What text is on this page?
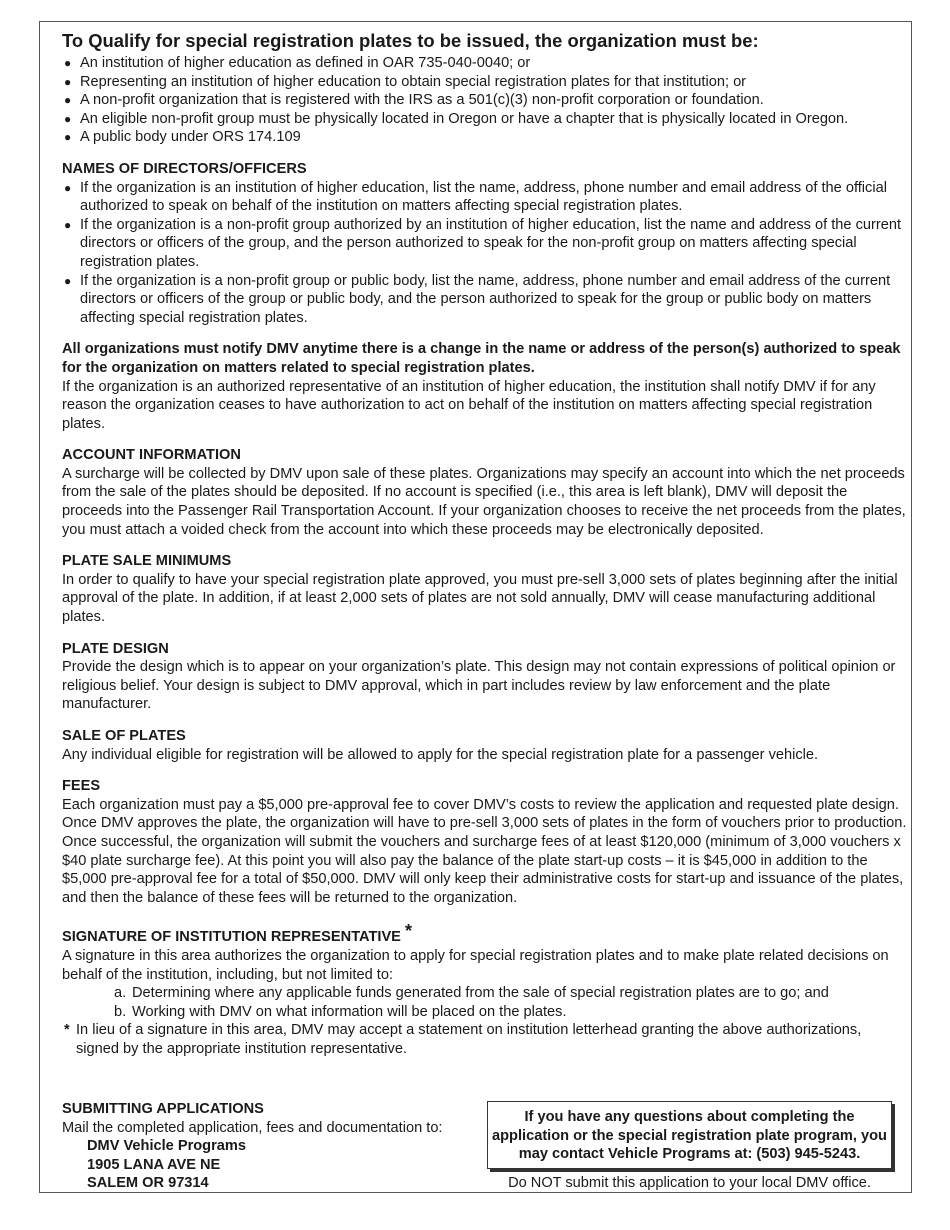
To Qualify for special registration plates to be issued, the organization must be:
● An institution of higher education as defined in OAR 735-040-0040; or
● Representing an institution of higher education to obtain special registration plates for that institution; or
● A non-profit organization that is registered with the IRS as a 501(c)(3) non-profit corporation or foundation.
● An eligible non-profit group must be physically located in Oregon or have a chapter that is physically located in Oregon.
● A public body under ORS 174.109
NAMES OF DIRECTORS/OFFICERS
● If the organization is an institution of higher education, list the name, address, phone number and email address of the official authorized to speak on behalf of the institution on matters affecting special registration plates.
● If the organization is a non-profit group authorized by an institution of higher education, list the name and address of the current directors or officers of the group, and the person authorized to speak for the non-profit group on matters affecting special registration plates.
● If the organization is a non-profit group or public body, list the name, address, phone number and email address of the current directors or officers of the group or public body, and the person authorized to speak for the group or public body on matters affecting special registration plates.

All organizations must notify DMV anytime there is a change in the name or address of the person(s) authorized to speak for the organization on matters related to special registration plates.

If the organization is an authorized representative of an institution of higher education, the institution shall notify DMV if for any reason the organization ceases to have authorization to act on behalf of the institution on matters affecting special registration plates.

ACCOUNT INFORMATION

A surcharge will be collected by DMV upon sale of these plates. Organizations may specify an account into which the net proceeds from the sale of the plates should be deposited. If no account is specified (i.e., this area is left blank), DMV will deposit the proceeds into the Passenger Rail Transportation Account. If your organization chooses to receive the net proceeds from the plates, you must attach a voided check from the account into which these proceeds may be electronically deposited.

PLATE SALE MINIMUMS

In order to qualify to have your special registration plate approved, you must pre-sell 3,000 sets of plates beginning after the initial approval of the plate. In addition, if at least 2,000 sets of plates are not sold annually, DMV will cease manufacturing additional plates.

PLATE DESIGN

Provide the design which is to appear on your organization’s plate. This design may not contain expressions of political opinion or religious belief. Your design is subject to DMV approval, which in part includes review by law enforcement and the plate manufacturer.

SALE OF PLATES

Any individual eligible for registration will be allowed to apply for the special registration plate for a passenger vehicle.

FEES

Each organization must pay a $5,000 pre-approval fee to cover DMV’s costs to review the application and requested plate design. Once DMV approves the plate, the organization will have to pre-sell 3,000 sets of plates in the form of vouchers prior to production. Once successful, the organization will submit the vouchers and surcharge fees of at least $120,000 (minimum of 3,000 vouchers x $40 plate surcharge fee). At this point you will also pay the balance of the plate start-up costs – it is $45,000 in addition to the $5,000 pre-approval fee for a total of $50,000. DMV will only keep their administrative costs for start-up and issuance of the plates, and then the balance of these fees will be returned to the organization.

SIGNATURE OF INSTITUTION REPRESENTATIVE *

A signature in this area authorizes the organization to apply for special registration plates and to make plate related decisions on behalf of the institution, including, but not limited to:

a. Determining where any applicable funds generated from the sale of special registration plates are to go; and
b. Working with DMV on what information will be placed on the plates.
* In lieu of a signature in this area, DMV may accept a statement on institution letterhead granting the above authorizations, signed by the appropriate institution representative.
SUBMITTING APPLICATIONS
Mail the completed application, fees and documentation to:
DMV Vehicle Programs
1905 LANA AVE NE
SALEM OR 97314
If you have any questions about completing the application or the special registration plate program, you may contact Vehicle Programs at: (503) 945-5243.
Do NOT submit this application to your local DMV office.
